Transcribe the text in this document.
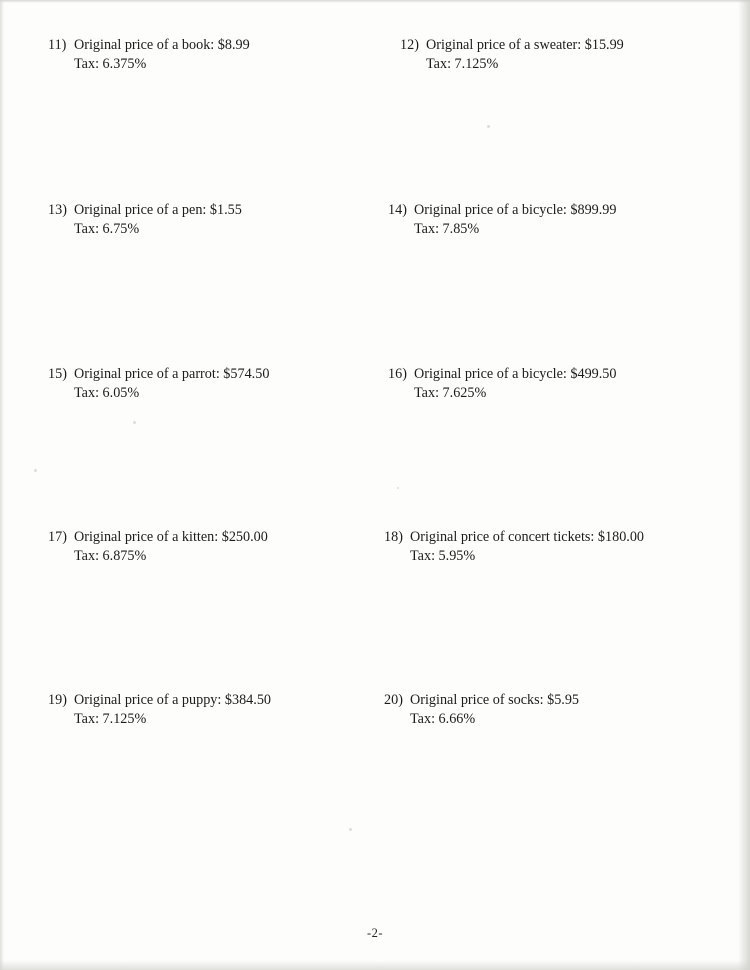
11) Original price of a book: $8.99
Tax: 6.375%
12) Original price of a sweater: $15.99
Tax: 7.125%
13) Original price of a pen: $1.55
Tax: 6.75%
14) Original price of a bicycle: $899.99
Tax: 7.85%
15) Original price of a parrot: $574.50
Tax: 6.05%
16) Original price of a bicycle: $499.50
Tax: 7.625%
17) Original price of a kitten: $250.00
Tax: 6.875%
18) Original price of concert tickets: $180.00
Tax: 5.95%
19) Original price of a puppy: $384.50
Tax: 7.125%
20) Original price of socks: $5.95
Tax: 6.66%
-2-
